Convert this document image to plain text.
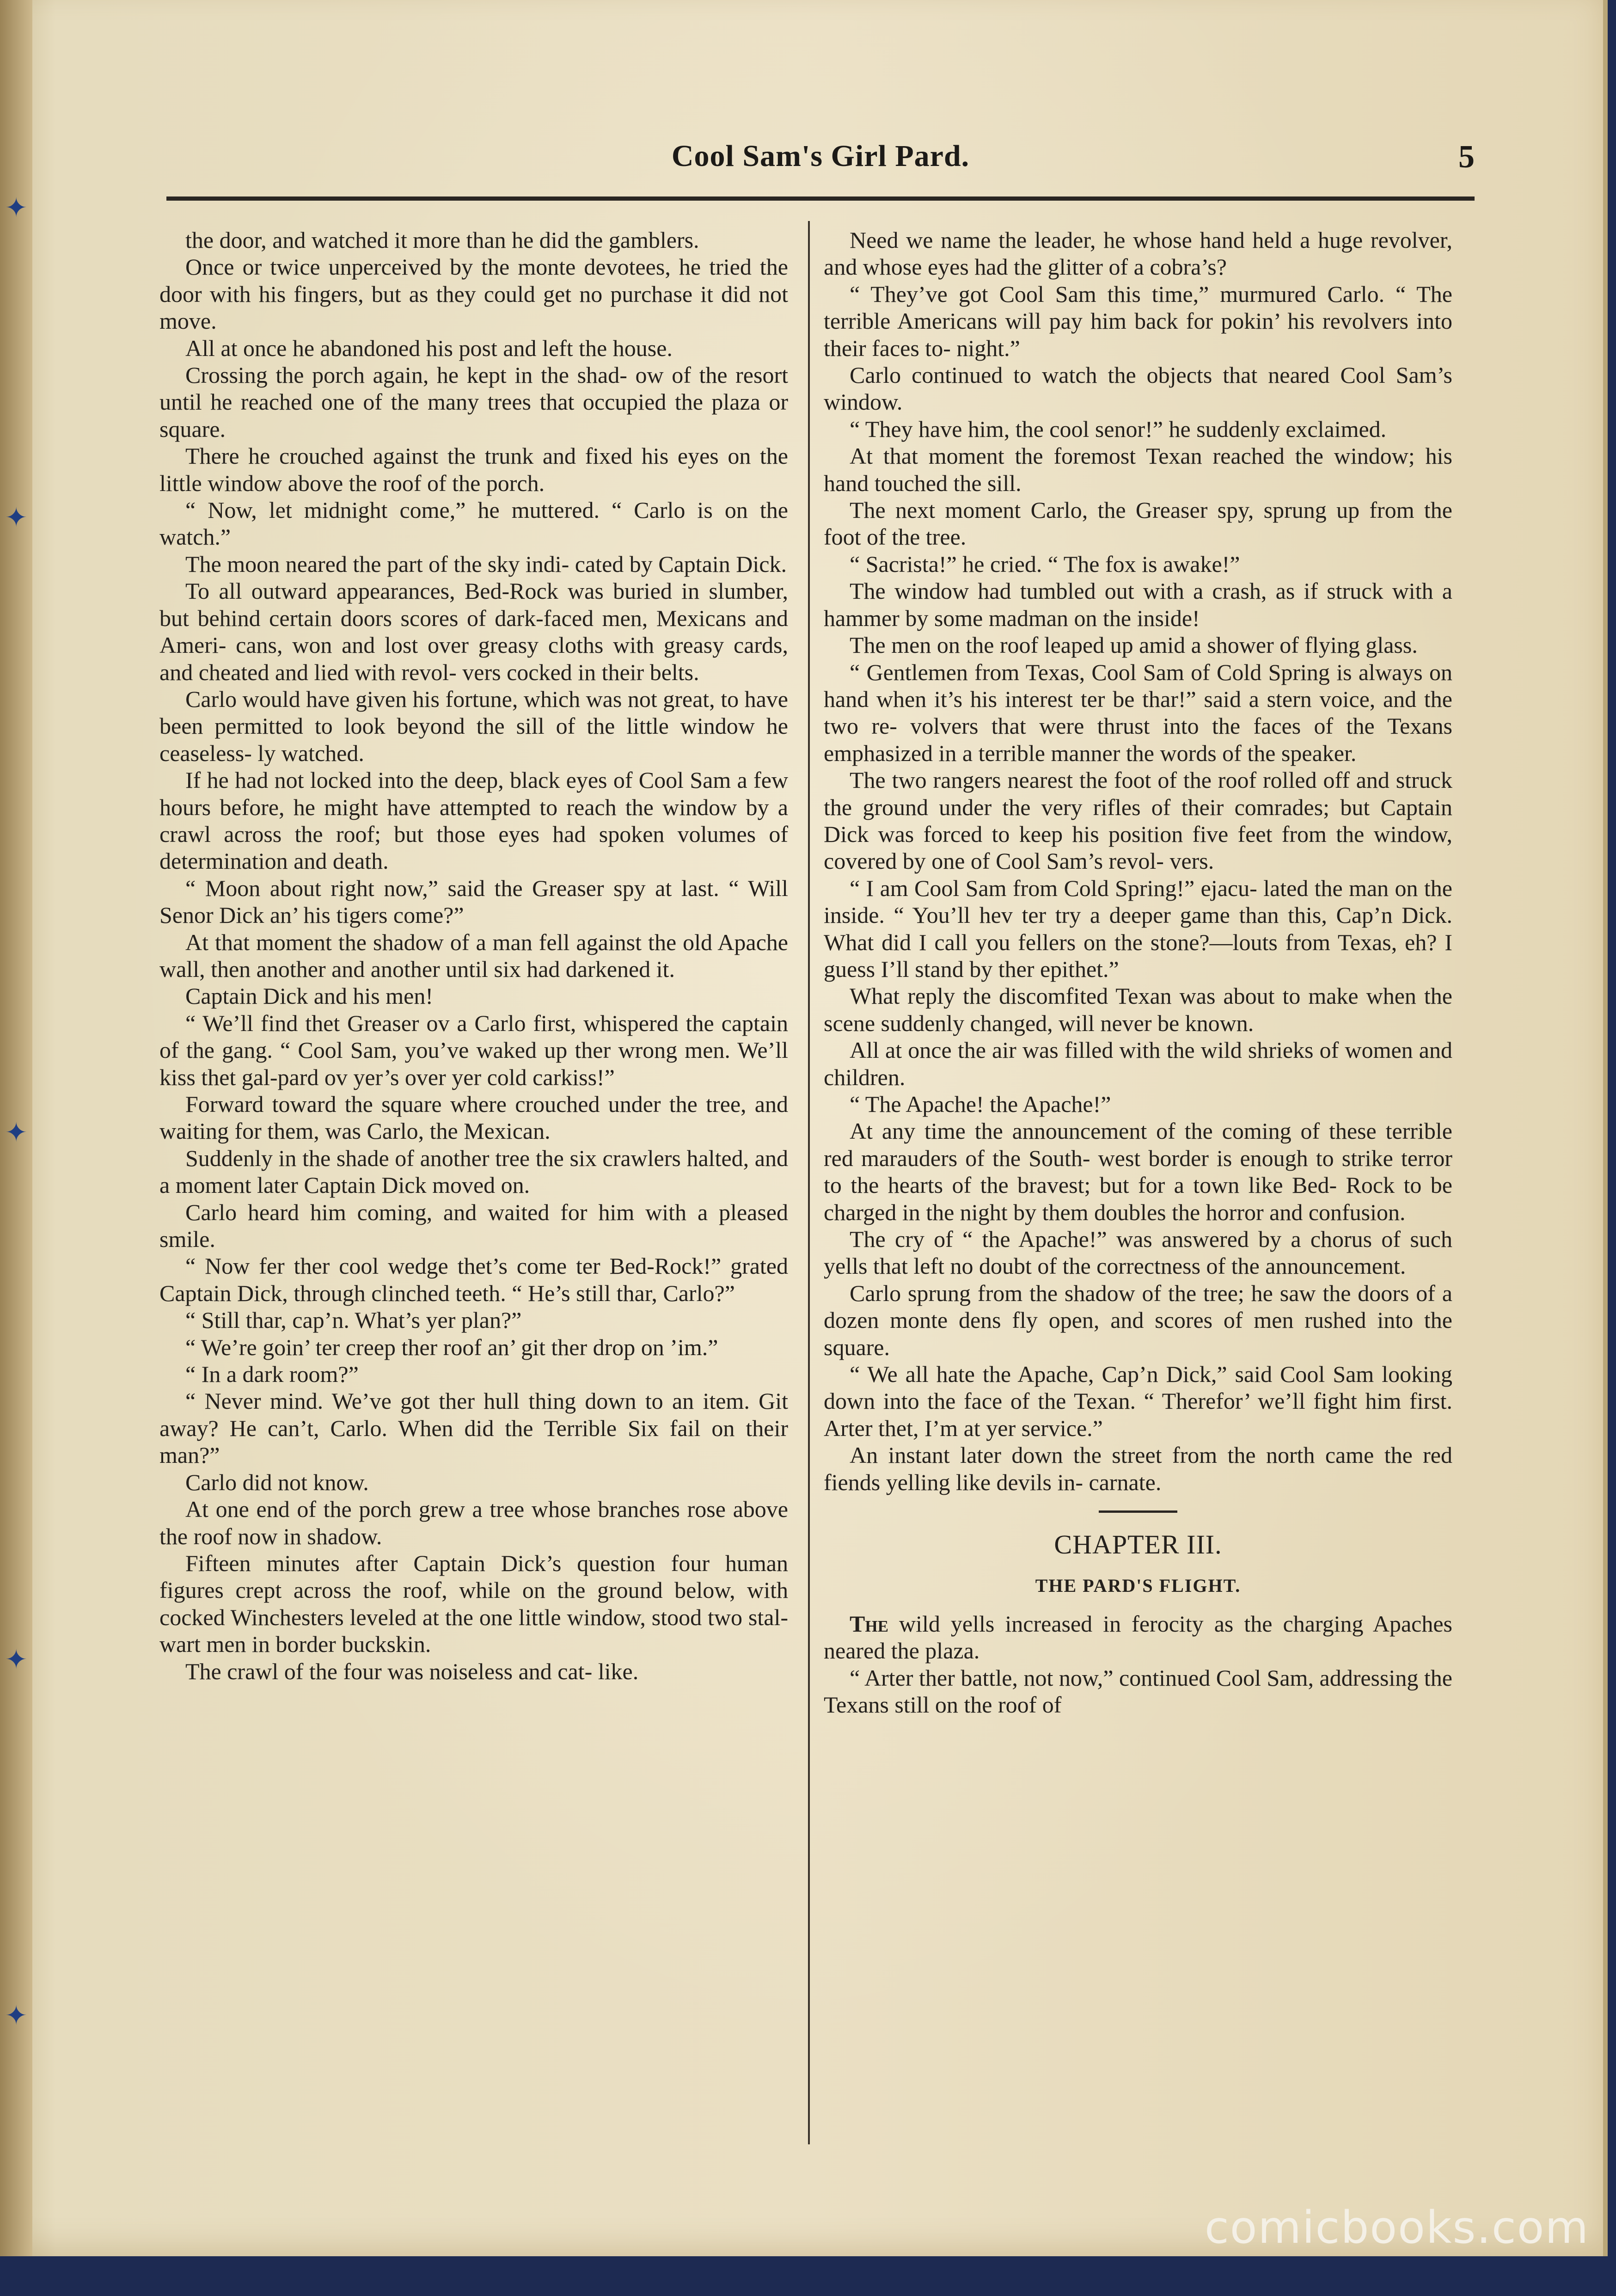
✦
✦
✦
✦
✦
Cool Sam's Girl Pard.	5

the door, and watched it more than he did the gamblers.

Once or twice unperceived by the monte devotees, he tried the door with his fingers, but as they could get no purchase it did not move.

All at once he abandoned his post and left the house.

Crossing the porch again, he kept in the shad- ow of the resort until he reached one of the many trees that occupied the plaza or square.

There he crouched against the trunk and fixed his eyes on the little window above the roof of the porch.

“ Now, let midnight come,” he muttered. “ Carlo is on the watch.”

The moon neared the part of the sky indi- cated by Captain Dick.

To all outward appearances, Bed-Rock was buried in slumber, but behind certain doors scores of dark-faced men, Mexicans and Ameri- cans, won and lost over greasy cloths with greasy cards, and cheated and lied with revol- vers cocked in their belts.

Carlo would have given his fortune, which was not great, to have been permitted to look beyond the sill of the little window he ceaseless- ly watched.

If he had not locked into the deep, black eyes of Cool Sam a few hours before, he might have attempted to reach the window by a crawl across the roof; but those eyes had spoken volumes of determination and death.

“ Moon about right now,” said the Greaser spy at last. “ Will Senor Dick an’ his tigers come?”

At that moment the shadow of a man fell against the old Apache wall, then another and another until six had darkened it.

Captain Dick and his men!

“ We’ll find thet Greaser ov a Carlo first, whispered the captain of the gang. “ Cool Sam, you’ve waked up ther wrong men. We’ll kiss thet gal-pard ov yer’s over yer cold carkiss!”

Forward toward the square where crouched under the tree, and waiting for them, was Carlo, the Mexican.

Suddenly in the shade of another tree the six crawlers halted, and a moment later Captain Dick moved on.

Carlo heard him coming, and waited for him with a pleased smile.

“ Now fer ther cool wedge thet’s come ter Bed-Rock!” grated Captain Dick, through clinched teeth. “ He’s still thar, Carlo?”

“ Still thar, cap’n. What’s yer plan?”

“ We’re goin’ ter creep ther roof an’ git ther drop on ’im.”

“ In a dark room?”

“ Never mind. We’ve got ther hull thing down to an item. Git away? He can’t, Carlo. When did the Terrible Six fail on their man?”

Carlo did not know.

At one end of the porch grew a tree whose branches rose above the roof now in shadow.

Fifteen minutes after Captain Dick’s question four human figures crept across the roof, while on the ground below, with cocked Winchesters leveled at the one little window, stood two stal- wart men in border buckskin.

The crawl of the four was noiseless and cat- like.

Need we name the leader, he whose hand held a huge revolver, and whose eyes had the glitter of a cobra’s?

“ They’ve got Cool Sam this time,” murmured Carlo. “ The terrible Americans will pay him back for pokin’ his revolvers into their faces to- night.”

Carlo continued to watch the objects that neared Cool Sam’s window.

“ They have him, the cool senor!” he suddenly exclaimed.

At that moment the foremost Texan reached the window; his hand touched the sill.

The next moment Carlo, the Greaser spy, sprung up from the foot of the tree.

“ Sacrista!” he cried. “ The fox is awake!”

The window had tumbled out with a crash, as if struck with a hammer by some madman on the inside!

The men on the roof leaped up amid a shower of flying glass.

“ Gentlemen from Texas, Cool Sam of Cold Spring is always on hand when it’s his interest ter be thar!” said a stern voice, and the two re- volvers that were thrust into the faces of the Texans emphasized in a terrible manner the words of the speaker.

The two rangers nearest the foot of the roof rolled off and struck the ground under the very rifles of their comrades; but Captain Dick was forced to keep his position five feet from the window, covered by one of Cool Sam’s revol- vers.

“ I am Cool Sam from Cold Spring!” ejacu- lated the man on the inside. “ You’ll hev ter try a deeper game than this, Cap’n Dick. What did I call you fellers on the stone?—louts from Texas, eh? I guess I’ll stand by ther epithet.”

What reply the discomfited Texan was about to make when the scene suddenly changed, will never be known.

All at once the air was filled with the wild shrieks of women and children.

“ The Apache! the Apache!”

At any time the announcement of the coming of these terrible red marauders of the South- west border is enough to strike terror to the hearts of the bravest; but for a town like Bed- Rock to be charged in the night by them doubles the horror and confusion.

The cry of “ the Apache!” was answered by a chorus of such yells that left no doubt of the correctness of the announcement.

Carlo sprung from the shadow of the tree; he saw the doors of a dozen monte dens fly open, and scores of men rushed into the square.

“ We all hate the Apache, Cap’n Dick,” said Cool Sam looking down into the face of the Texan. “ Therefor’ we’ll fight him first. Arter thet, I’m at yer service.”

An instant later down the street from the north came the red fiends yelling like devils in- carnate.

CHAPTER III.
THE PARD'S FLIGHT.

The wild yells increased in ferocity as the charging Apaches neared the plaza.

“ Arter ther battle, not now,” continued Cool Sam, addressing the Texans still on the roof of

comicbooks.com
